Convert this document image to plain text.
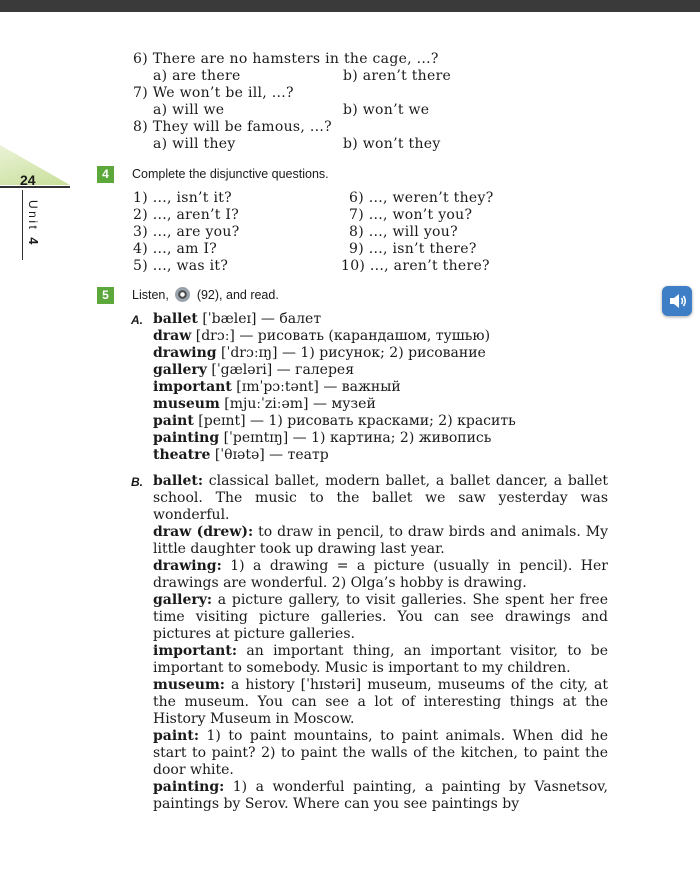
24
Unit 4
6) There are no hamsters in the cage, ...?
a) are there	b) aren’t there
7) We won’t be ill, ...?
a) will we	b) won’t we
8) They will be famous, ...?
a) will they	b) won’t they
4	Complete the disjunctive questions.
1) ..., isn’t it?
2) ..., aren’t I?
3) ..., are you?
4) ..., am I?
5) ..., was it?
6) ..., weren’t they?
7) ..., won’t you?
8) ..., will you?
9) ..., isn’t there?
10) ..., aren’t there?
5	Listen, (92), and read.
A. ballet [ˈbæleɪ] — балет
draw [drɔː] — рисовать (карандашом, тушью)
drawing [ˈdrɔːɪŋ] — 1) рисунок; 2) рисование
gallery [ˈgæləri] — галерея
important [ɪmˈpɔːtənt] — важный
museum [mjuːˈziːəm] — музей
paint [peɪnt] — 1) рисовать красками; 2) красить
painting [ˈpeɪntɪŋ] — 1) картина; 2) живопись
theatre [ˈθɪətə] — театр
B. ballet: classical ballet, modern ballet, a ballet dancer, a ballet school. The music to the ballet we saw yesterday was wonderful.

draw (drew): to draw in pencil, to draw birds and animals. My little daughter took up drawing last year.

drawing: 1) a drawing = a picture (usually in pencil). Her drawings are wonderful. 2) Olga’s hobby is drawing.

gallery: a picture gallery, to visit galleries. She spent her free time visiting picture galleries. You can see drawings and pictures at picture galleries.

important: an important thing, an important visitor, to be important to somebody. Music is important to my children.

museum: a history [ˈhɪstəri] museum, museums of the city, at the museum. You can see a lot of interesting things at the History Museum in Moscow.

paint: 1) to paint mountains, to paint animals. When did he start to paint? 2) to paint the walls of the kitchen, to paint the door white.

painting: 1) a wonderful painting, a painting by Vasnetsov, paintings by Serov. Where can you see paintings by
